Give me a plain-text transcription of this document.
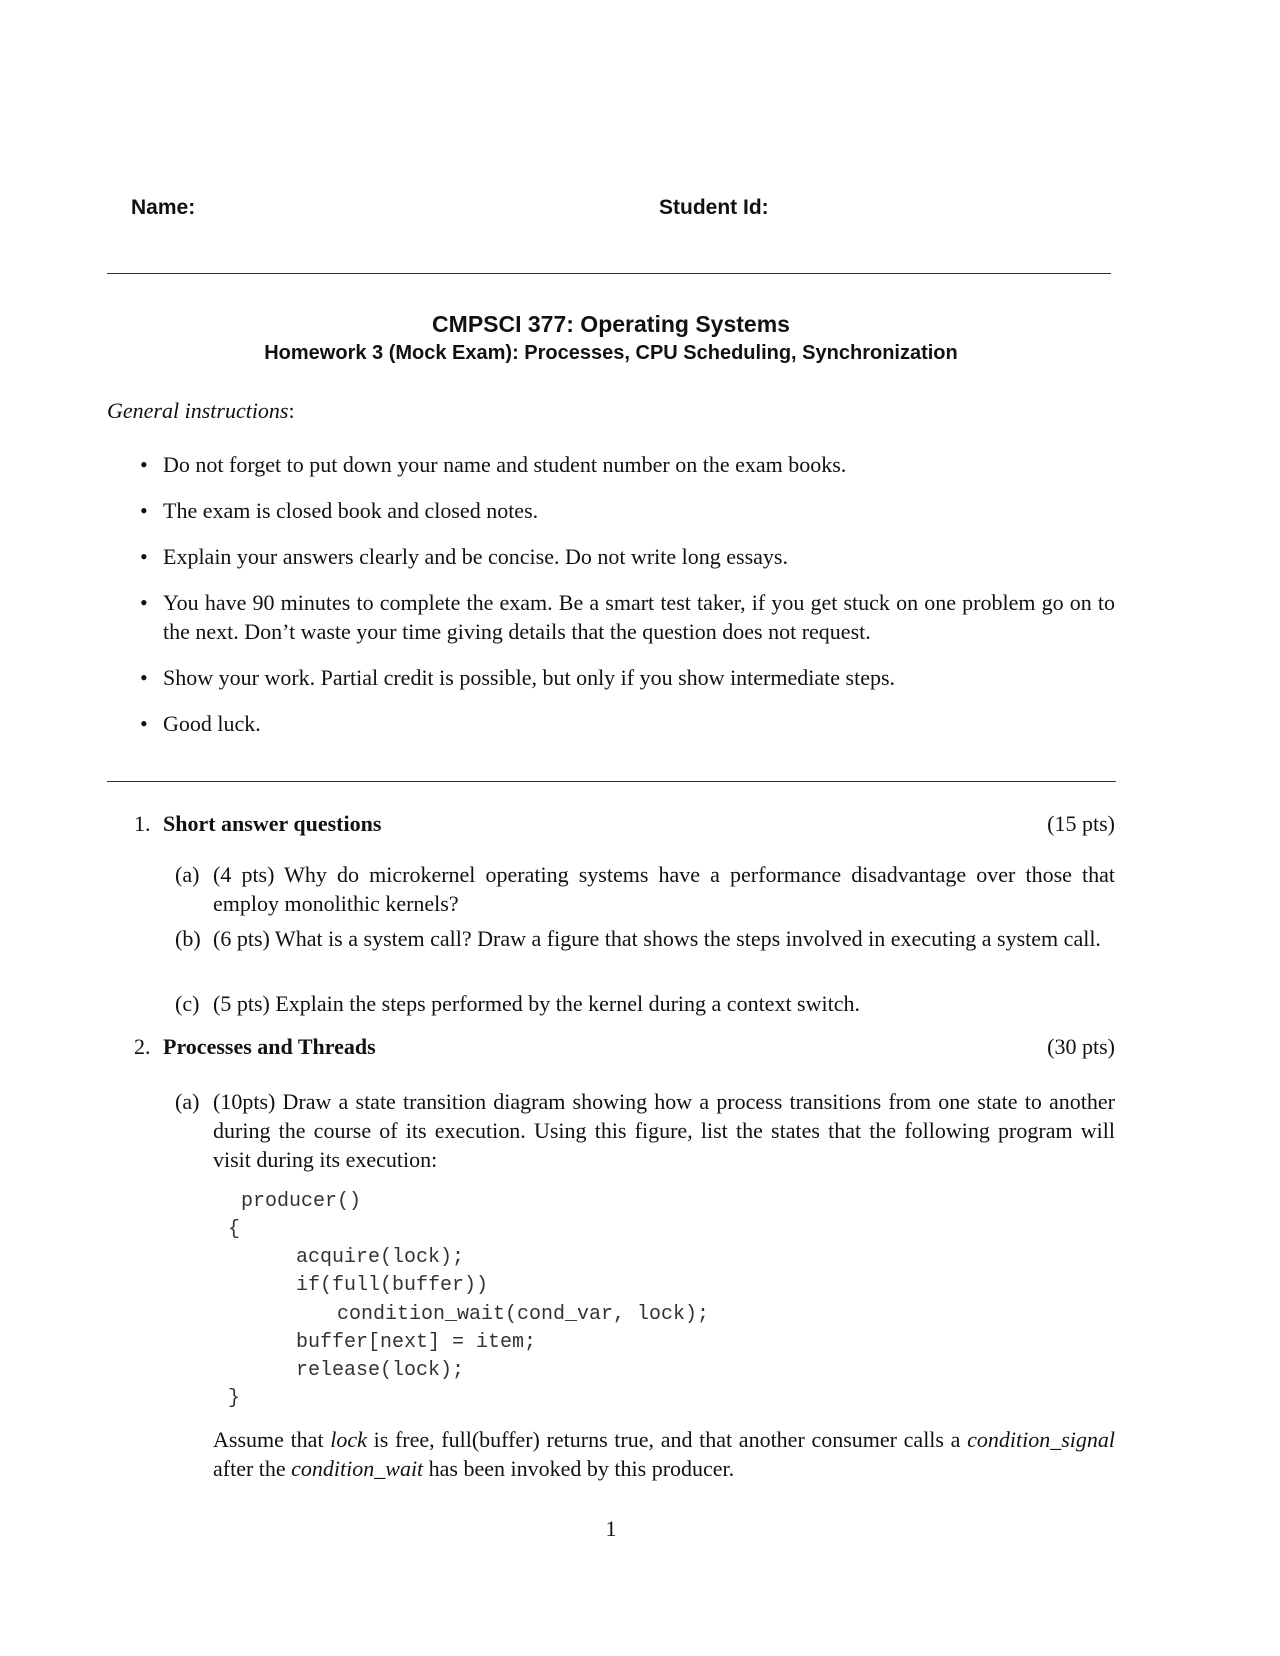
Name:	Student Id:
CMPSCI 377: Operating Systems
Homework 3 (Mock Exam): Processes, CPU Scheduling, Synchronization
General instructions:
• Do not forget to put down your name and student number on the exam books.
• The exam is closed book and closed notes.
• Explain your answers clearly and be concise. Do not write long essays.
• You have 90 minutes to complete the exam. Be a smart test taker, if you get stuck on one problem go on to the next. Don’t waste your time giving details that the question does not request.
• Show your work. Partial credit is possible, but only if you show intermediate steps.
• Good luck.
1. Short answer questions	(15 pts)
(a) (4 pts) Why do microkernel operating systems have a performance disadvantage over those that employ monolithic kernels?
(b) (6 pts) What is a system call? Draw a figure that shows the steps involved in executing a system call.
(c) (5 pts) Explain the steps performed by the kernel during a context switch.
2. Processes and Threads	(30 pts)
(a) (10pts) Draw a state transition diagram showing how a process transitions from one state to another during the course of its execution. Using this figure, list the states that the following program will visit during its execution:
producer()
{
acquire(lock);
if(full(buffer))
condition_wait(cond_var, lock);
buffer[next] = item;
release(lock);
}
Assume that lock is free, full(buffer) returns true, and that another consumer calls a condition_signal after the condition_wait has been invoked by this producer.
1
